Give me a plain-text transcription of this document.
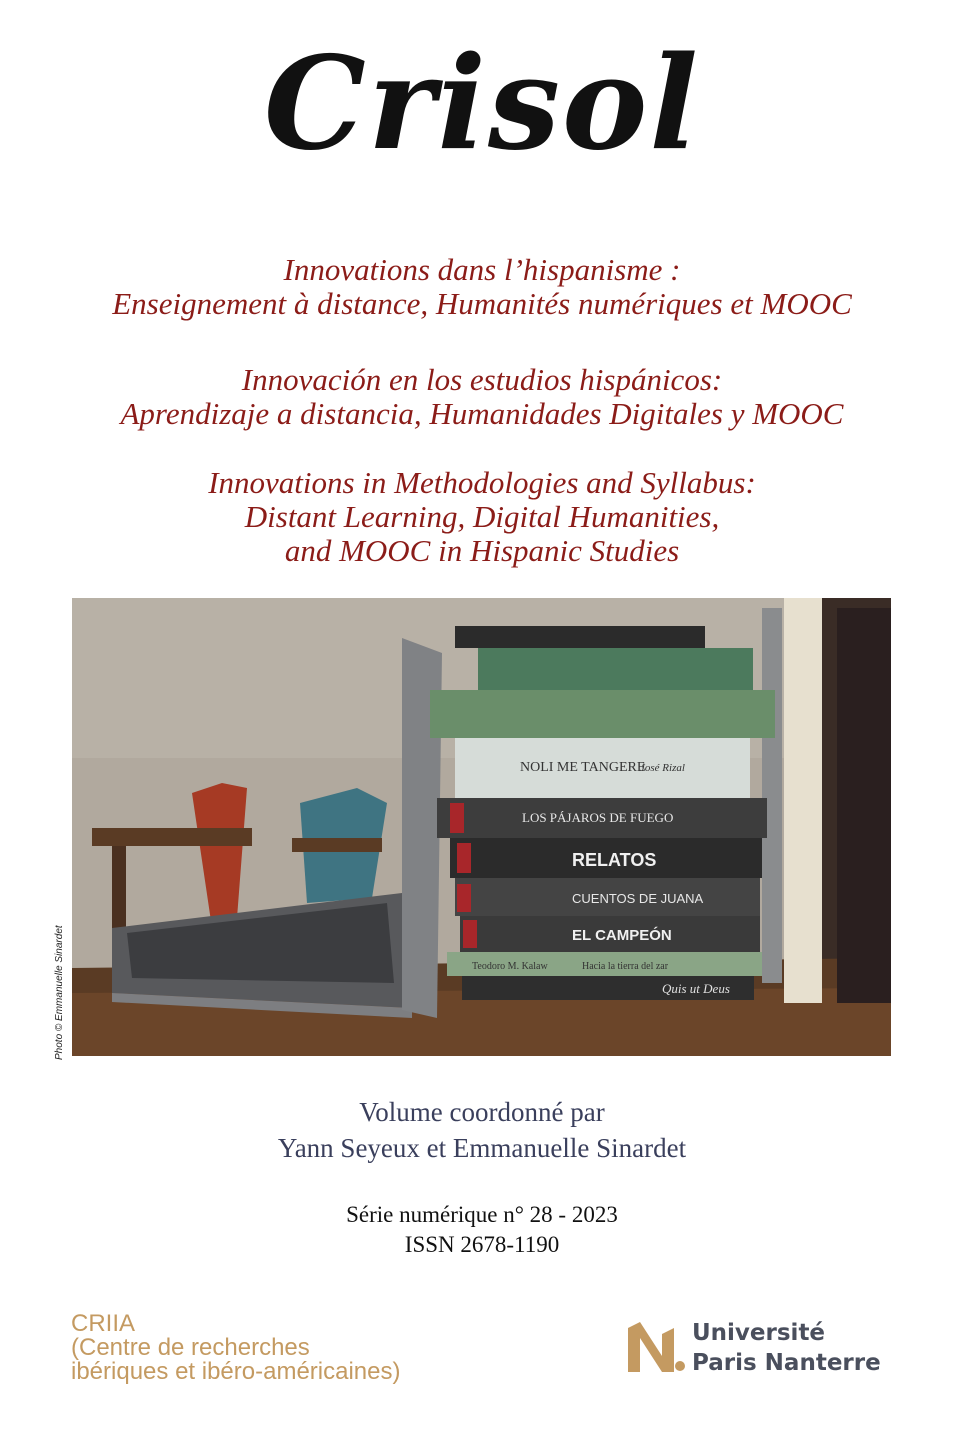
Crisol
Innovations dans l’hispanisme :
Enseignement à distance, Humanités numériques et MOOC
Innovación en los estudios hispánicos:
Aprendizaje a distancia, Humanidades Digitales y MOOC
Innovations in Methodologies and Syllabus:
Distant Learning, Digital Humanities,
and MOOC in Hispanic Studies
NOLI ME TANGERE
José Rizal
LOS PÁJAROS DE FUEGO
RELATOS
CUENTOS DE JUANA
EL CAMPEÓN
Teodoro M. Kalaw	Hacia la tierra del zar
Quis ut Deus
Photo © Emmanuelle Sinardet
Volume coordonné par
Yann Seyeux et Emmanuelle Sinardet
Série numérique n° 28 - 2023
ISSN 2678-1190
CRIIA
(Centre de recherches
ibériques et ibéro-américaines)
Université
Paris Nanterre
